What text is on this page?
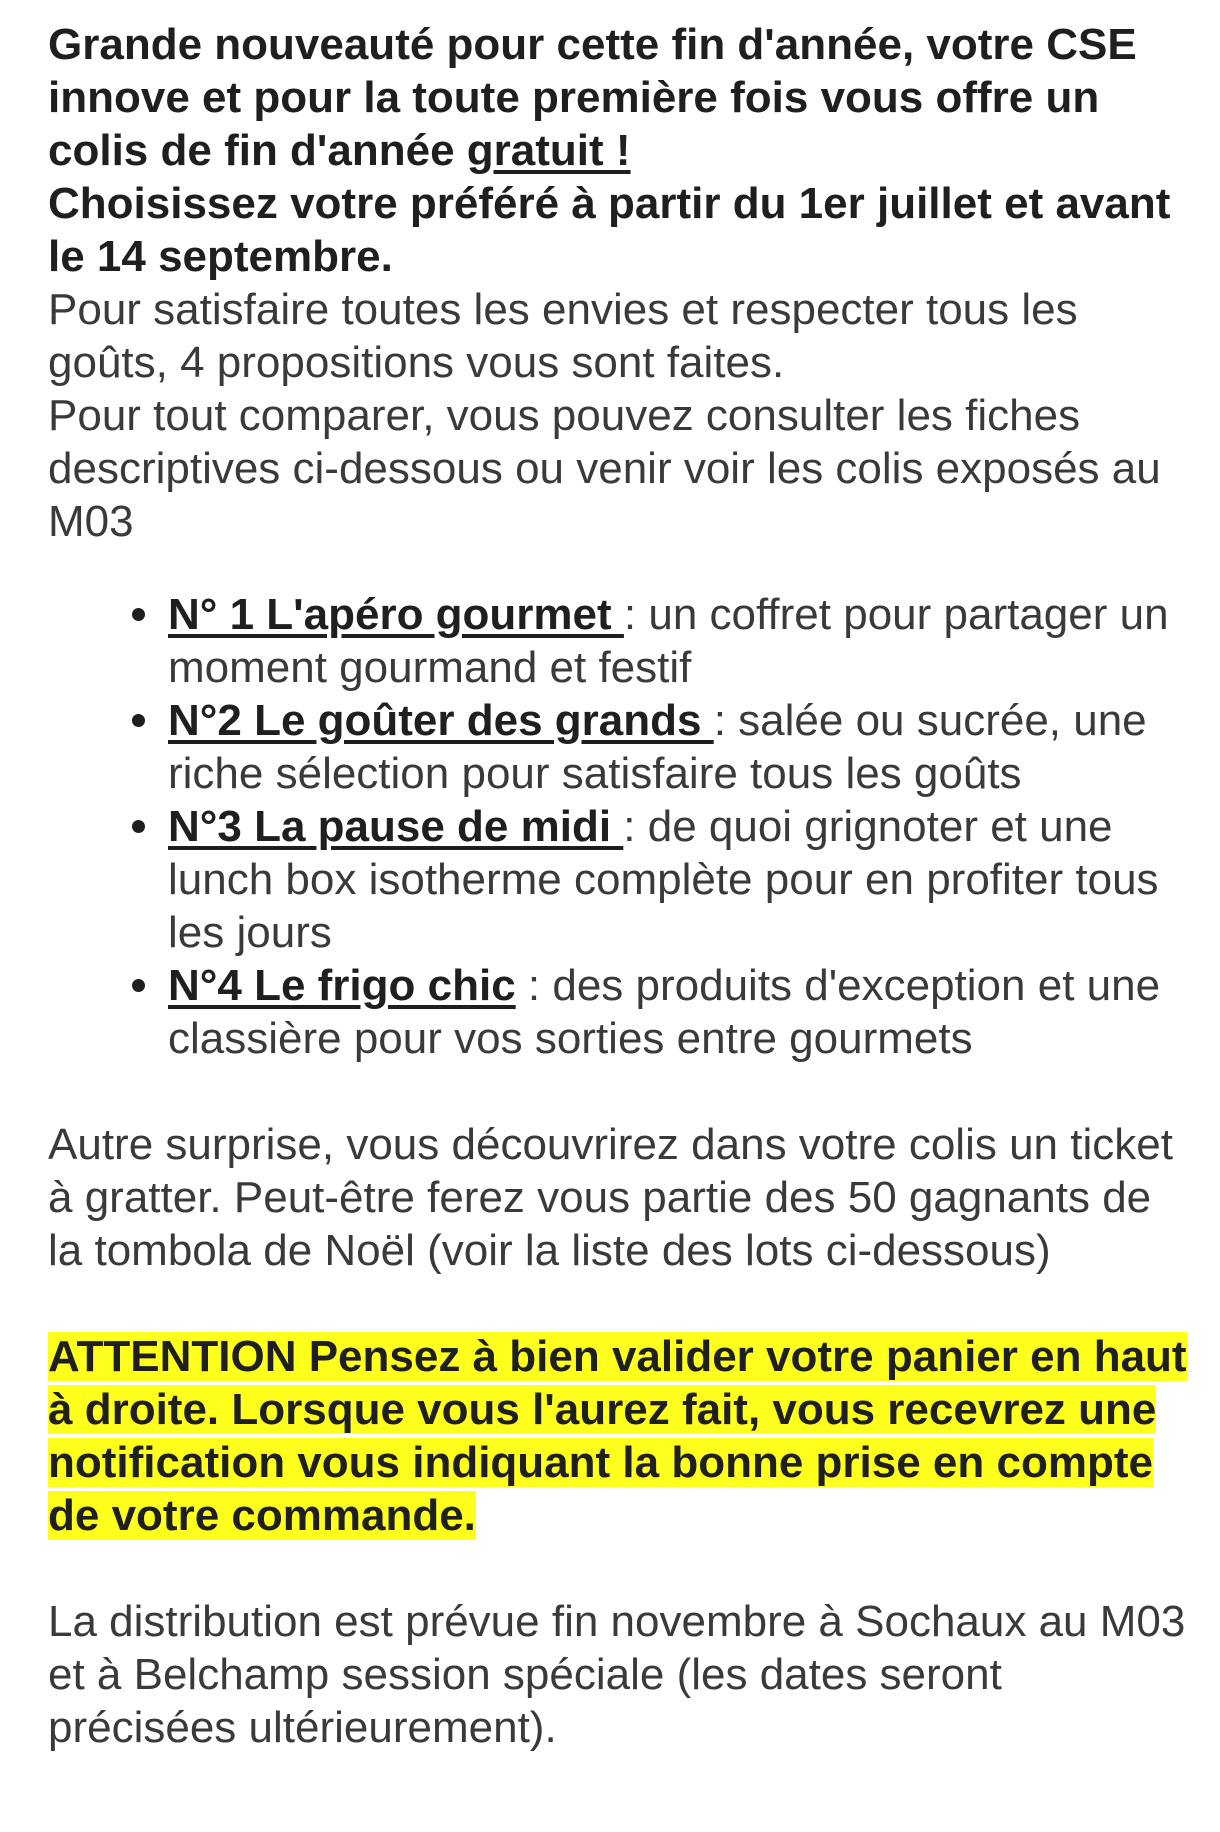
Grande nouveauté pour cette fin d'année, votre CSE innove et pour la toute première fois vous offre un colis de fin d'année gratuit !

Choisissez votre préféré à partir du 1er juillet et avant le 14 septembre.

Pour satisfaire toutes les envies et respecter tous les goûts, 4 propositions vous sont faites.

Pour tout comparer, vous pouvez consulter les fiches descriptives ci-dessous ou venir voir les colis exposés au M03

N° 1 L'apéro gourmet : un coffret pour partager un moment gourmand et festif
N°2 Le goûter des grands : salée ou sucrée, une riche sélection pour satisfaire tous les goûts
N°3 La pause de midi : de quoi grignoter et une lunch box isotherme complète pour en profiter tous les jours
N°4 Le frigo chic : des produits d'exception et une classière pour vos sorties entre gourmets

Autre surprise, vous découvrirez dans votre colis un ticket à gratter. Peut-être ferez vous partie des 50 gagnants de la tombola de Noël (voir la liste des lots ci-dessous)

ATTENTION Pensez à bien valider votre panier en haut à droite. Lorsque vous l'aurez fait, vous recevrez une notification vous indiquant la bonne prise en compte de votre commande.

La distribution est prévue fin novembre à Sochaux au M03 et à Belchamp session spéciale (les dates seront précisées ultérieurement).
